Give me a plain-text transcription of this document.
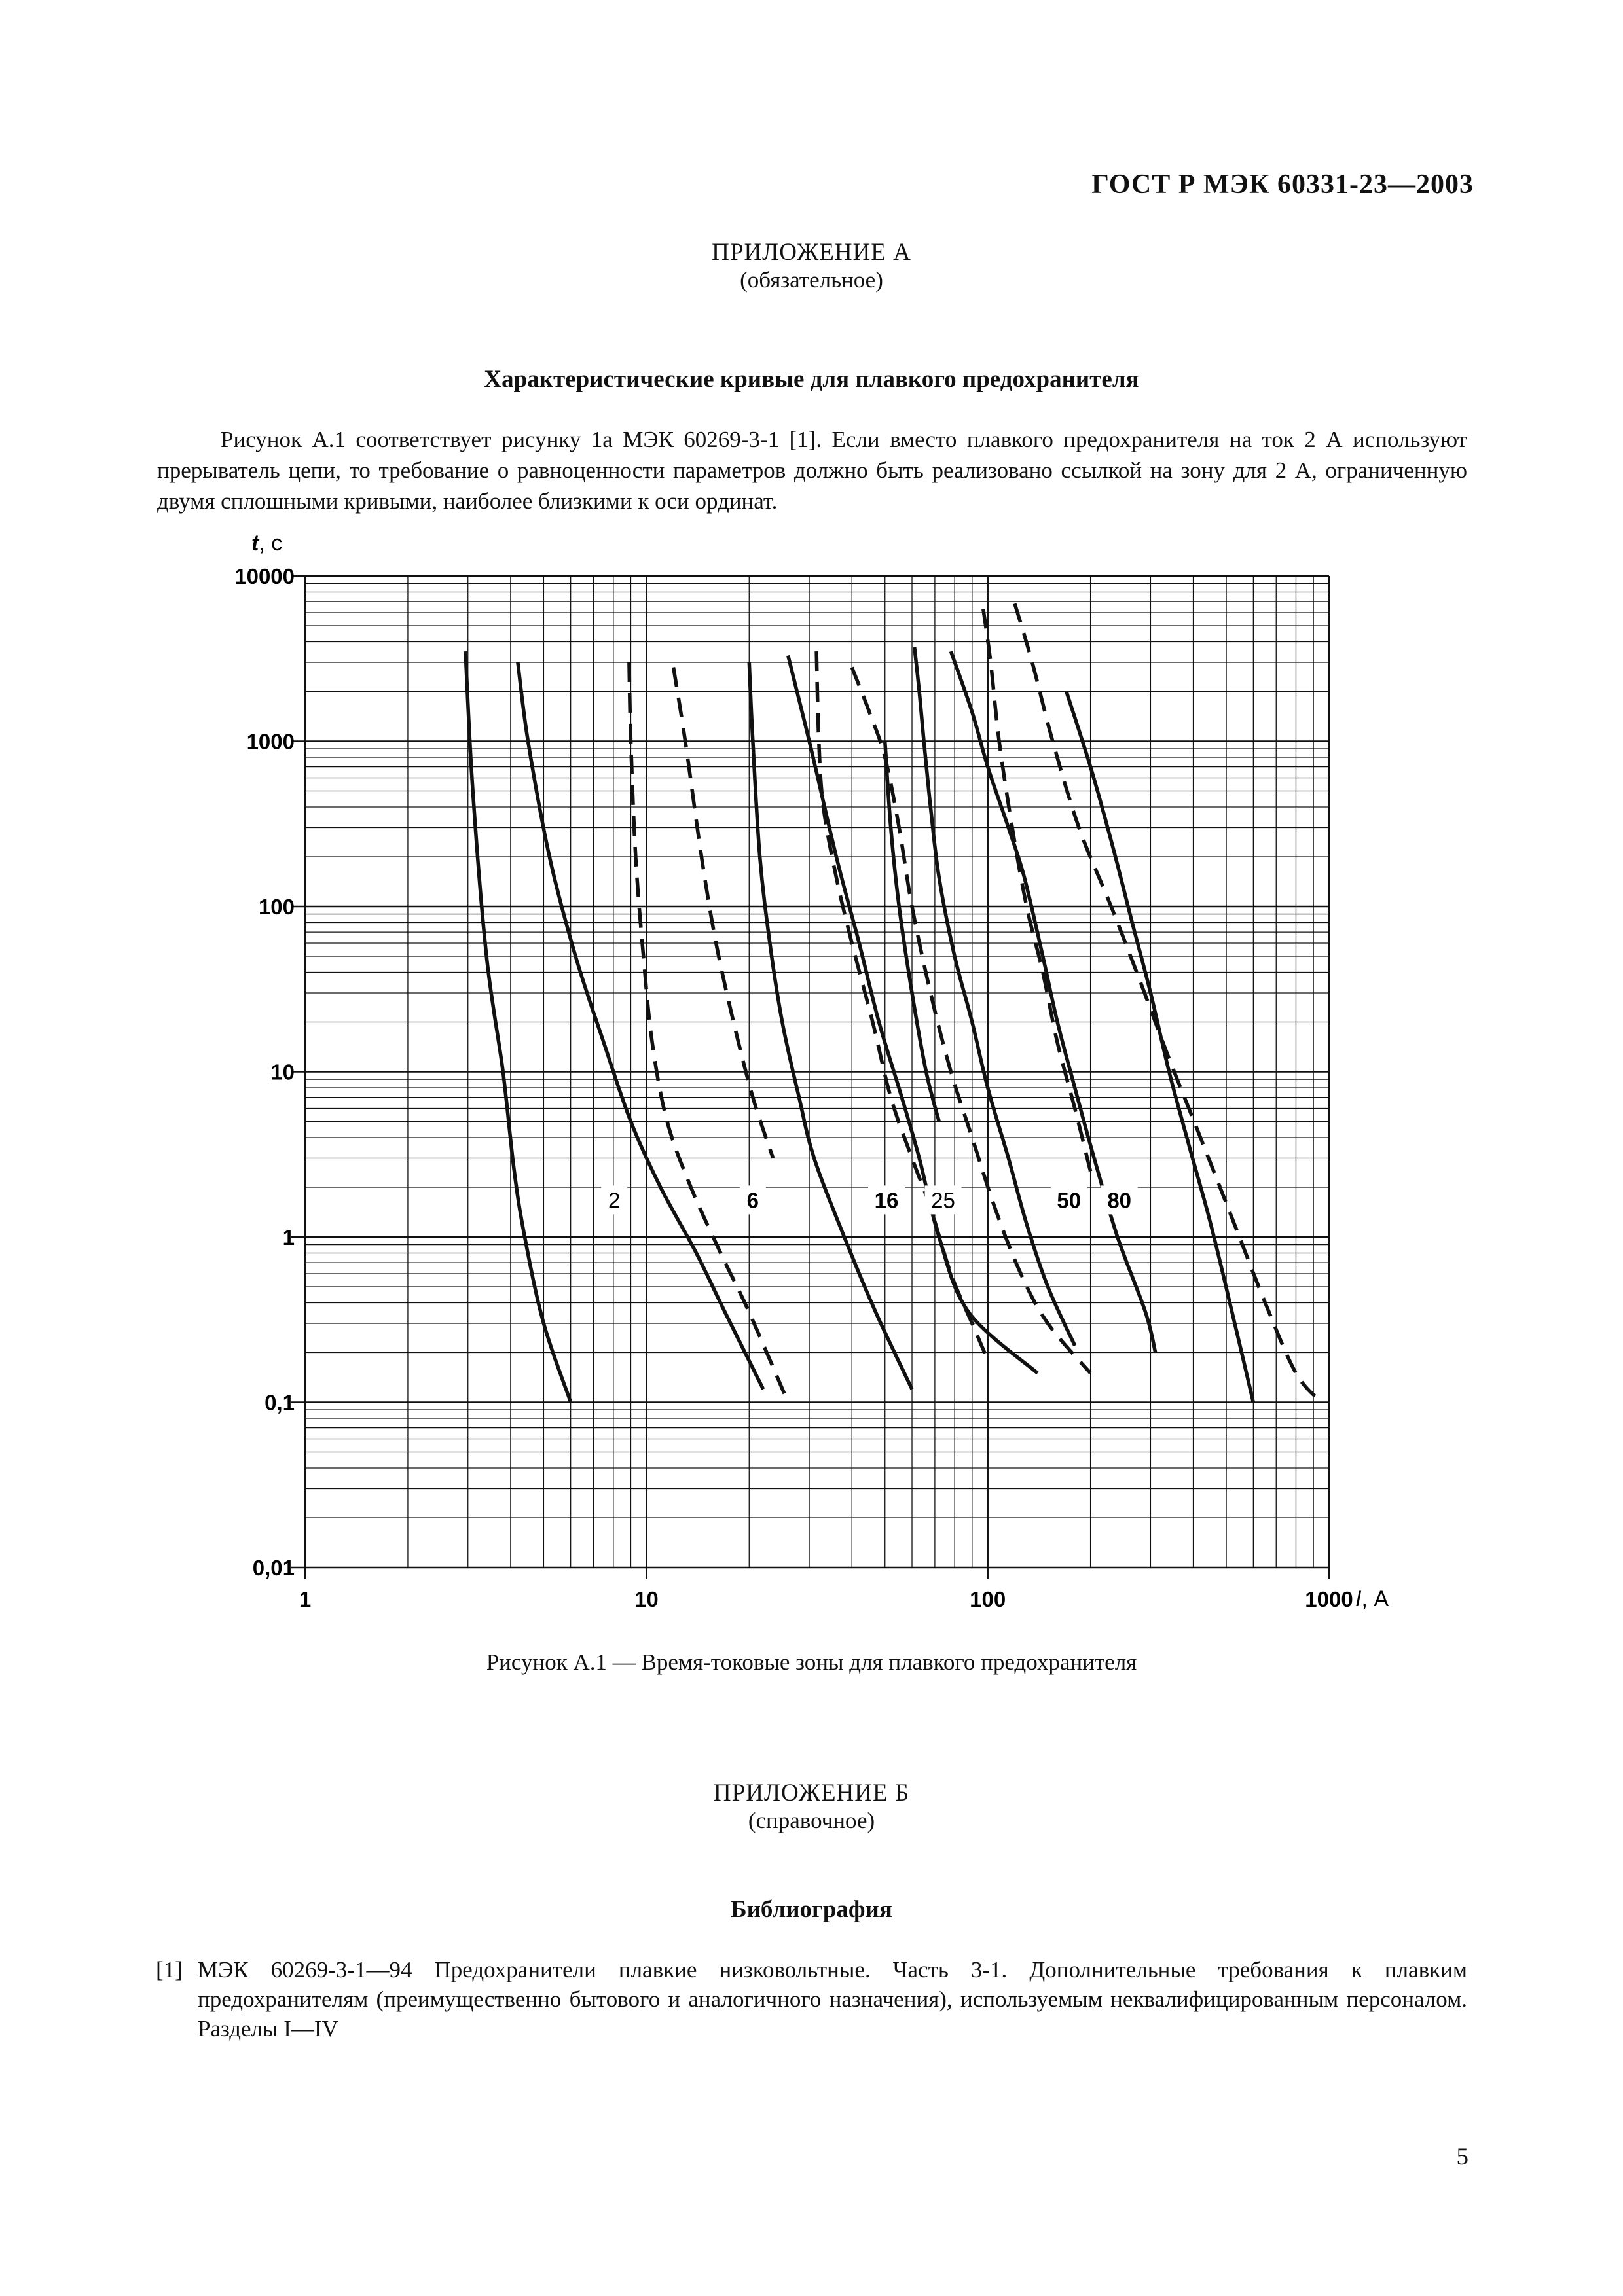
ГОСТ Р МЭК 60331-23—2003
ПРИЛОЖЕНИЕ А
(обязательное)
Характеристические кривые для плавкого предохранителя
Рисунок А.1 соответствует рисунку 1а МЭК 60269-3-1 [1]. Если вместо плавкого предохранителя на ток 2 А используют прерыватель цепи, то требование о равноценности параметров должно быть реализовано ссылкой на зону для 2 А, ограниченную двумя сплошными кривыми, наиболее близкими к оси ординат.
10000
1000
100
10
1
0,1
0,01
1	10	100	1000
t, с
I, А
2	6	16 25	50 80
Рисунок А.1 — Время-токовые зоны для плавкого предохранителя
ПРИЛОЖЕНИЕ Б
(справочное)
Библиография
[1] МЭК 60269-3-1—94 Предохранители плавкие низковольтные. Часть 3-1. Дополнительные требования к плавким предохранителям (преимущественно бытового и аналогичного назначения), используемым неквалифицированным персоналом. Разделы I—IV
5
